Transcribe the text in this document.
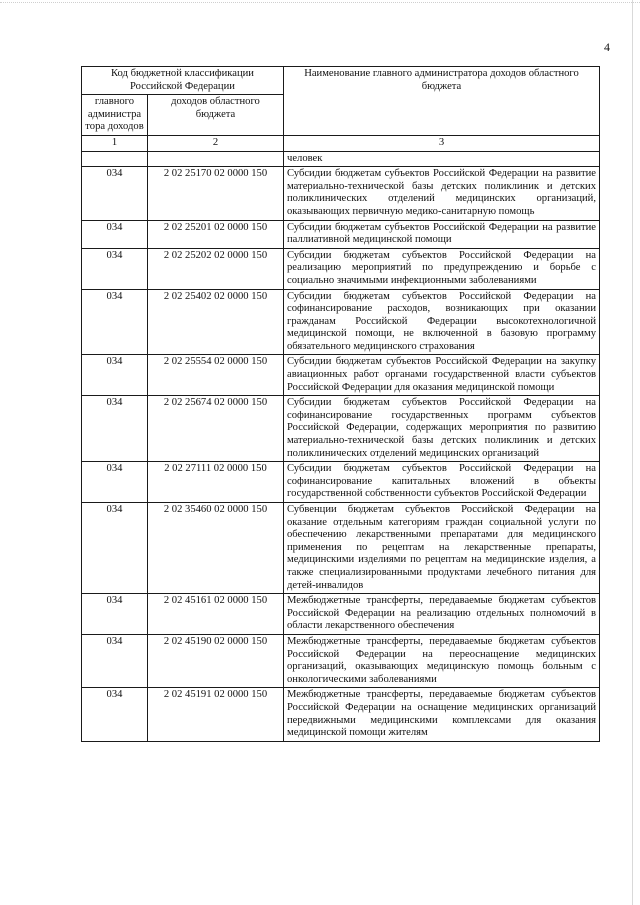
4
Код бюджетной классификации Российской Федерации		Наименование главного администратора доходов областного бюджета
главного администра тора доходов	доходов областного бюджета	
1	2	3
		человек
034	2 02 25170 02 0000 150	Субсидии бюджетам субъектов Российской Федерации на развитие материально-технической базы детских поликлиник и детских поликлинических отделений медицинских организаций, оказывающих первичную медико-санитарную помощь
034	2 02 25201 02 0000 150	Субсидии бюджетам субъектов Российской Федерации на развитие паллиативной медицинской помощи
034	2 02 25202 02 0000 150	Субсидии бюджетам субъектов Российской Федерации на реализацию мероприятий по предупреждению и борьбе с социально значимыми инфекционными заболеваниями
034	2 02 25402 02 0000 150	Субсидии бюджетам субъектов Российской Федерации на софинансирование расходов, возникающих при оказании гражданам Российской Федерации высокотехнологичной медицинской помощи, не включенной в базовую программу обязательного медицинского страхования
034	2 02 25554 02 0000 150	Субсидии бюджетам субъектов Российской Федерации на закупку авиационных работ органами государственной власти субъектов Российской Федерации для оказания медицинской помощи
034	2 02 25674 02 0000 150	Субсидии бюджетам субъектов Российской Федерации на софинансирование государственных программ субъектов Российской Федерации, содержащих мероприятия по развитию материально-технической базы детских поликлиник и детских поликлинических отделений медицинских организаций
034	2 02 27111 02 0000 150	Субсидии бюджетам субъектов Российской Федерации на софинансирование капитальных вложений в объекты государственной собственности субъектов Российской Федерации
034	2 02 35460 02 0000 150	Субвенции бюджетам субъектов Российской Федерации на оказание отдельным категориям граждан социальной услуги по обеспечению лекарственными препаратами для медицинского применения по рецептам на лекарственные препараты, медицинскими изделиями по рецептам на медицинские изделия, а также специализированными продуктами лечебного питания для детей-инвалидов
034	2 02 45161 02 0000 150	Межбюджетные трансферты, передаваемые бюджетам субъектов Российской Федерации на реализацию отдельных полномочий в области лекарственного обеспечения
034	2 02 45190 02 0000 150	Межбюджетные трансферты, передаваемые бюджетам субъектов Российской Федерации на переоснащение медицинских организаций, оказывающих медицинскую помощь больным с онкологическими заболеваниями
034	2 02 45191 02 0000 150	Межбюджетные трансферты, передаваемые бюджетам субъектов Российской Федерации на оснащение медицинских организаций передвижными медицинскими комплексами для оказания медицинской помощи жителям
